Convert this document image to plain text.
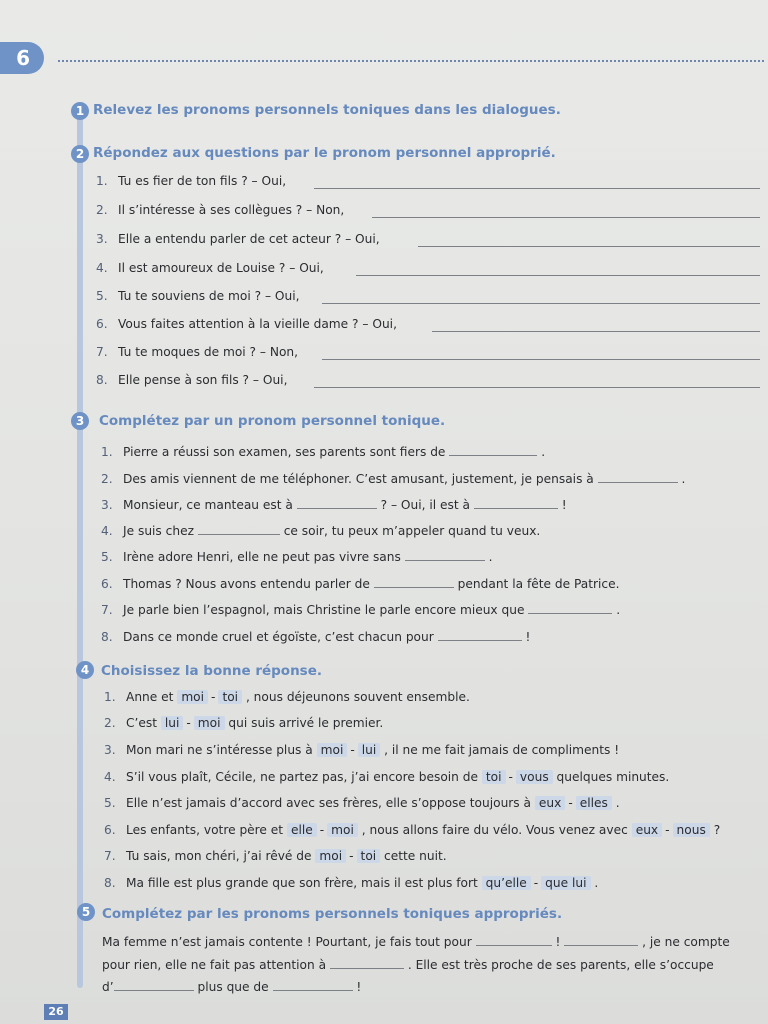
6
1 Relevez les pronoms personnels toniques dans les dialogues.
2 Répondez aux questions par le pronom personnel approprié.
1. Tu es fier de ton fils ? – Oui,
2. Il s’intéresse à ses collègues ? – Non,
3. Elle a entendu parler de cet acteur ? – Oui,
4. Il est amoureux de Louise ? – Oui,
5. Tu te souviens de moi ? – Oui,
6. Vous faites attention à la vieille dame ? – Oui,
7. Tu te moques de moi ? – Non,
8. Elle pense à son fils ? – Oui,
3	Complétez par un pronom personnel tonique.
1. Pierre a réussi son examen, ses parents sont fiers de	.
2. Des amis viennent de me téléphoner. C’est amusant, justement, je pensais à	.
3. Monsieur, ce manteau est à	? – Oui, il est à	!
4. Je suis chez	ce soir, tu peux m’appeler quand tu veux.
5. Irène adore Henri, elle ne peut pas vivre sans	.
6. Thomas ? Nous avons entendu parler de	pendant la fête de Patrice.
7. Je parle bien l’espagnol, mais Christine le parle encore mieux que	.
8. Dans ce monde cruel et égoïste, c’est chacun pour	!
4 Choisissez la bonne réponse.
1. Anne et moi - toi , nous déjeunons souvent ensemble.
2. C’est lui - moi qui suis arrivé le premier.
3. Mon mari ne s’intéresse plus à moi - lui , il ne me fait jamais de compliments !
4. S’il vous plaît, Cécile, ne partez pas, j’ai encore besoin de toi - vous quelques minutes.
5. Elle n’est jamais d’accord avec ses frères, elle s’oppose toujours à eux - elles .
6. Les enfants, votre père et elle - moi , nous allons faire du vélo. Vous venez avec eux - nous ?
7. Tu sais, mon chéri, j’ai rêvé de moi - toi cette nuit.
8. Ma fille est plus grande que son frère, mais il est plus fort qu’elle - que lui .
5 Complétez par les pronoms personnels toniques appropriés.
Ma femme n’est jamais contente ! Pourtant, je fais tout pour	!	, je ne compte
pour rien, elle ne fait pas attention à	. Elle est très proche de ses parents, elle s’occupe
d’	plus que de	!
26
